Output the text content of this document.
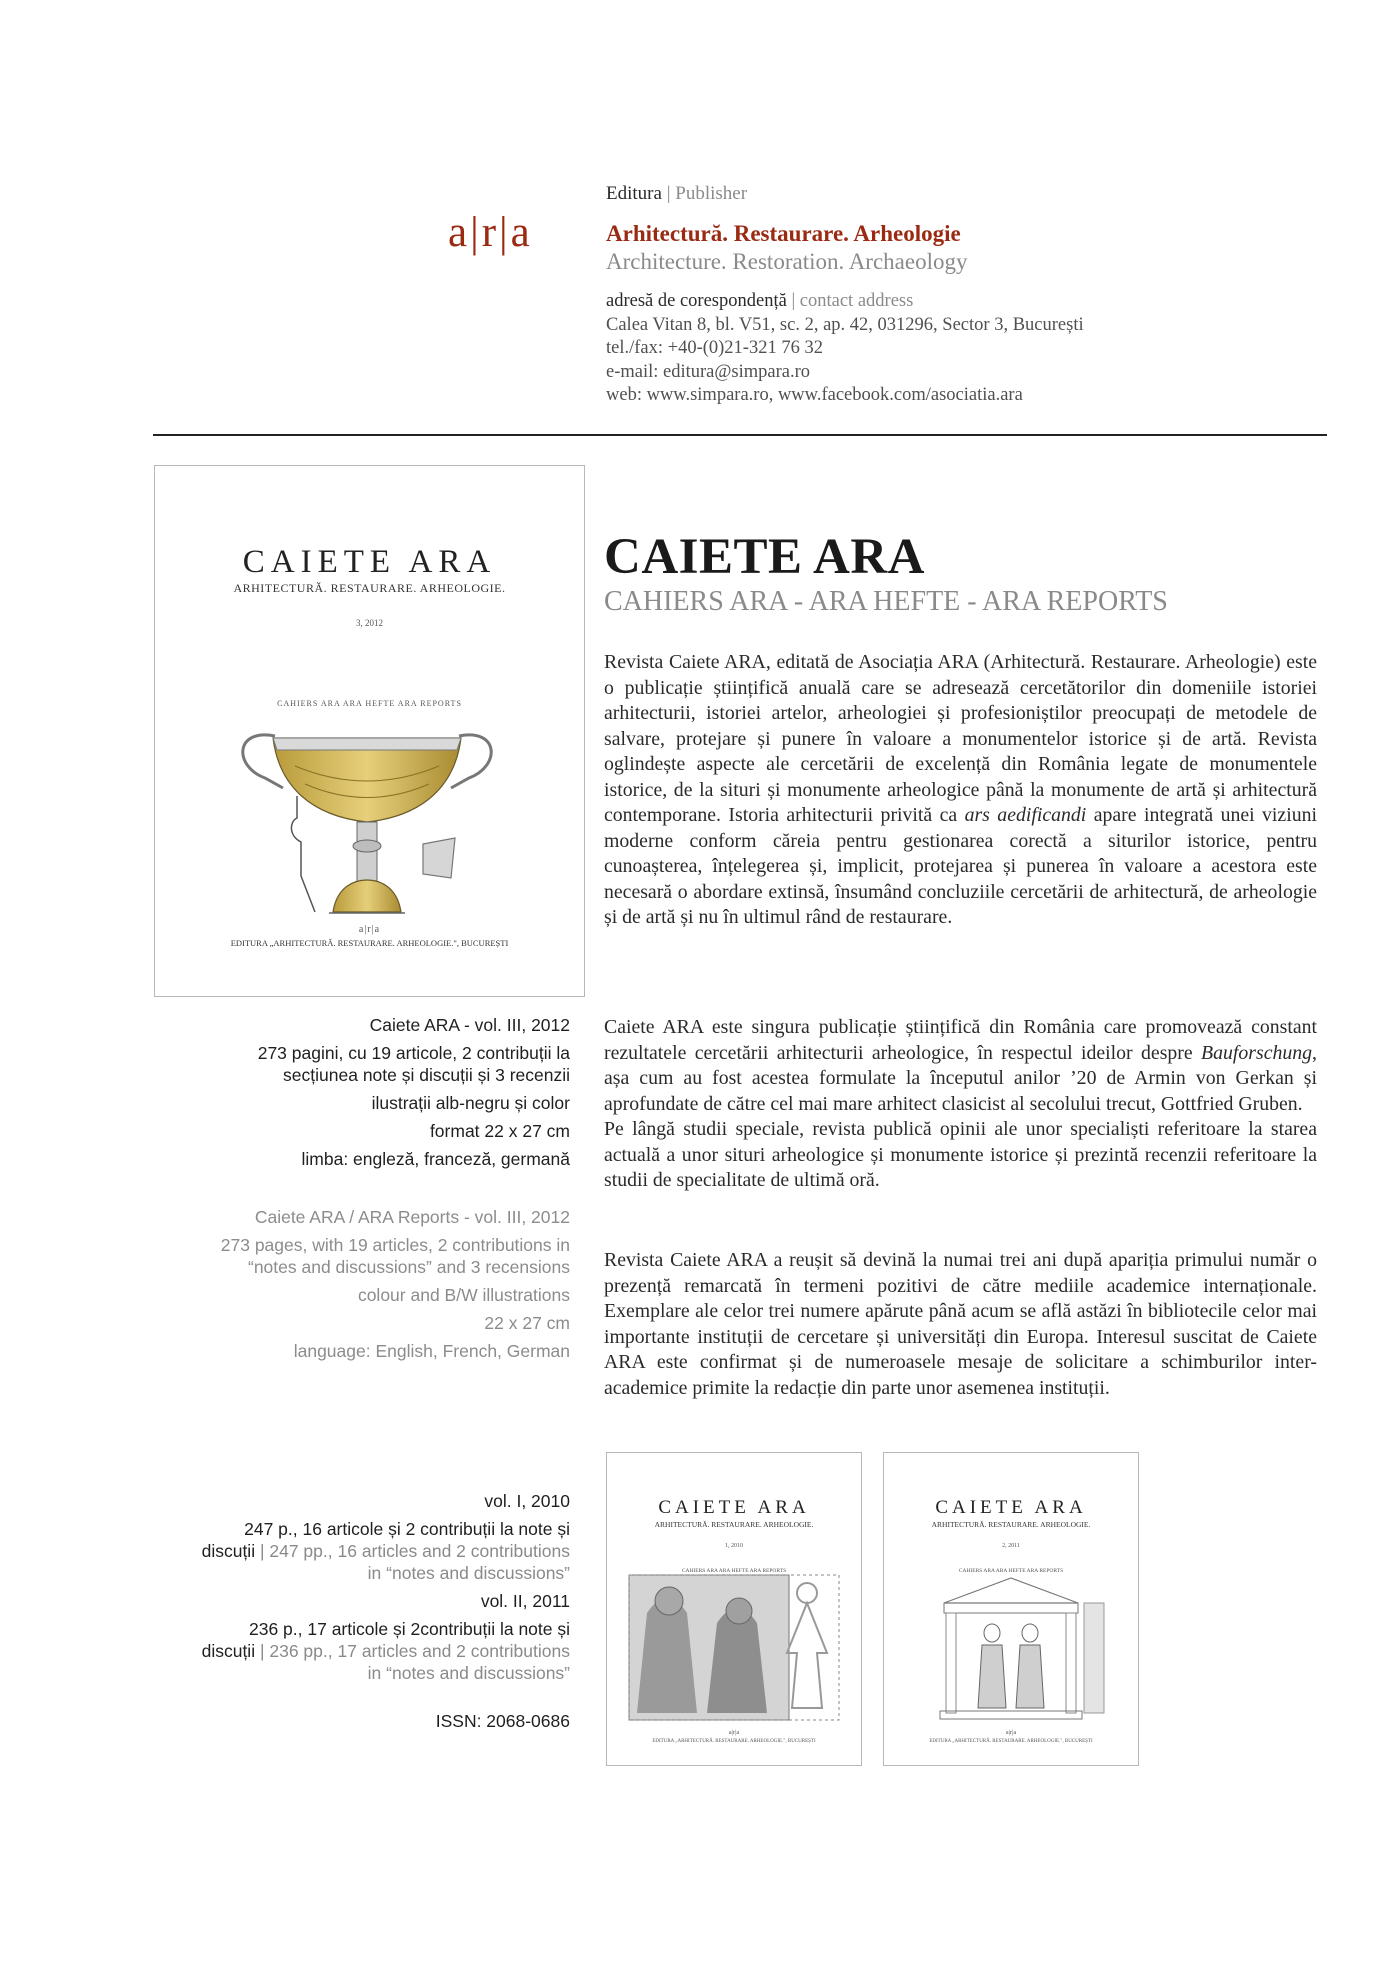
a|r|a
Editura | Publisher
Arhitectură. Restaurare. Arheologie
Architecture. Restoration. Archaeology
adresă de corespondență | contact address
Calea Vitan 8, bl. V51, sc. 2, ap. 42, 031296, Sector 3, București
tel./fax: +40-(0)21-321 76 32
e-mail: editura@simpara.ro
web: www.simpara.ro, www.facebook.com/asociatia.ara
CAIETE ARA
ARHITECTURĂ. RESTAURARE. ARHEOLOGIE.
3, 2012
CAHIERS ARA ARA HEFTE ARA REPORTS
a|r|a
EDITURA „ARHITECTURĂ. RESTAURARE. ARHEOLOGIE.", BUCUREȘTI
CAIETE ARA
CAHIERS ARA - ARA HEFTE - ARA REPORTS

Revista Caiete ARA, editată de Asociația ARA (Arhitectură. Restaurare. Arheologie) este o publicație științifică anuală care se adresează cercetătorilor din domeniile istoriei arhitecturii, istoriei artelor, arheologiei și profesioniștilor preocupați de metodele de salvare, protejare și punere în valoare a monumentelor istorice și de artă. Revista oglindește aspecte ale cercetării de excelență din România legate de monumentele istorice, de la situri și monumente arheologice până la monumente de artă și arhitectură contemporane. Istoria arhitecturii privită ca ars aedificandi apare integrată unei viziuni moderne conform căreia pentru gestionarea corectă a siturilor istorice, pentru cunoașterea, înțelegerea și, implicit, protejarea și punerea în valoare a acestora este necesară o abordare extinsă, însumând concluziile cercetării de arhitectură, de arheologie și de artă și nu în ultimul rând de restaurare.

Caiete ARA este singura publicație științifică din România care promovează constant rezultatele cercetării arhitecturii arheologice, în respectul ideilor despre Bauforschung, așa cum au fost acestea formulate la începutul anilor ’20 de Armin von Gerkan și aprofundate de către cel mai mare arhitect clasicist al secolului trecut, Gottfried Gruben.

Pe lângă studii speciale, revista publică opinii ale unor specialiști referitoare la starea actuală a unor situri arheologice și monumente istorice și prezintă recenzii referitoare la studii de specialitate de ultimă oră.

Revista Caiete ARA a reușit să devină la numai trei ani după apariția primului număr o prezență remarcată în termeni pozitivi de către mediile academice internaționale. Exemplare ale celor trei numere apărute până acum se află astăzi în bibliotecile celor mai importante instituții de cercetare și universități din Europa. Interesul suscitat de Caiete ARA este confirmat și de numeroasele mesaje de solicitare a schimburilor inter-academice primite la redacție din parte unor asemenea instituții.
Caiete ARA - vol. III, 2012
273 pagini, cu 19 articole, 2 contribuții la secțiunea note și discuții și 3 recenzii
ilustrații alb-negru și color
format 22 x 27 cm
limba: engleză, franceză, germană
Caiete ARA / ARA Reports - vol. III, 2012
273 pages, with 19 articles, 2 contributions in “notes and discussions” and 3 recensions
colour and B/W illustrations
22 x 27 cm
language: English, French, German
vol. I, 2010
247 p., 16 articole și 2 contribuții la note și discuții | 247 pp., 16 articles and 2 contributions in “notes and discussions”
vol. II, 2011
236 p., 17 articole și 2contribuții la note și discuții | 236 pp., 17 articles and 2 contributions in “notes and discussions”
ISSN: 2068-0686
CAIETE ARA
ARHITECTURĂ. RESTAURARE. ARHEOLOGIE.
1, 2010
CAHIERS ARA ARA HEFTE ARA REPORTS
a|r|a
EDITURA „ARHITECTURĂ. RESTAURARE. ARHEOLOGIE.", BUCUREȘTI
CAIETE ARA
ARHITECTURĂ. RESTAURARE. ARHEOLOGIE.
2, 2011
CAHIERS ARA ARA HEFTE ARA REPORTS
a|r|a
EDITURA „ARHITECTURĂ. RESTAURARE. ARHEOLOGIE.", BUCUREȘTI
